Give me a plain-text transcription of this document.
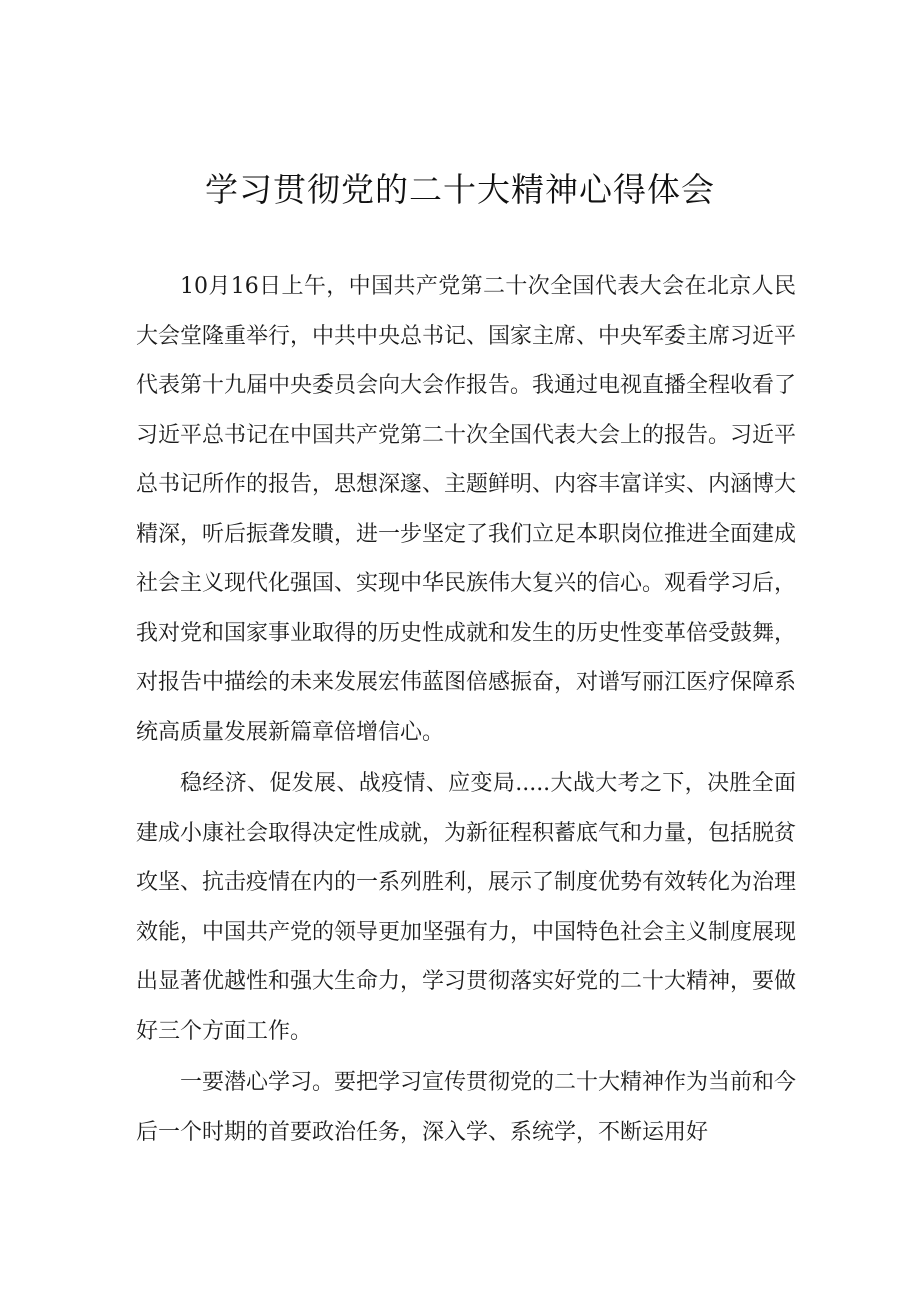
学习贯彻党的二十大精神心得体会

10月16日上午，中国共产党第二十次全国代表大会在北京人民大会堂隆重举行，中共中央总书记、国家主席、中央军委主席习近平代表第十九届中央委员会向大会作报告。我通过电视直播全程收看了习近平总书记在中国共产党第二十次全国代表大会上的报告。习近平总书记所作的报告，思想深邃、主题鲜明、内容丰富详实、内涵博大精深，听后振聋发瞶，进一步坚定了我们立足本职岗位推进全面建成社会主义现代化强国、实现中华民族伟大复兴的信心。观看学习后，我对党和国家事业取得的历史性成就和发生的历史性变革倍受鼓舞，对报告中描绘的未来发展宏伟蓝图倍感振奋，对谱写丽江医疗保障系统高质量发展新篇章倍增信心。

稳经济、促发展、战疫情、应变局.....大战大考之下，决胜全面建成小康社会取得决定性成就，为新征程积蓄底气和力量，包括脱贫攻坚、抗击疫情在内的一系列胜利，展示了制度优势有效转化为治理效能，中国共产党的领导更加坚强有力，中国特色社会主义制度展现出显著优越性和强大生命力，学习贯彻落实好党的二十大精神，要做好三个方面工作。

一要潜心学习。要把学习宣传贯彻党的二十大精神作为当前和今后一个时期的首要政治任务，深入学、系统学，不断运用好
